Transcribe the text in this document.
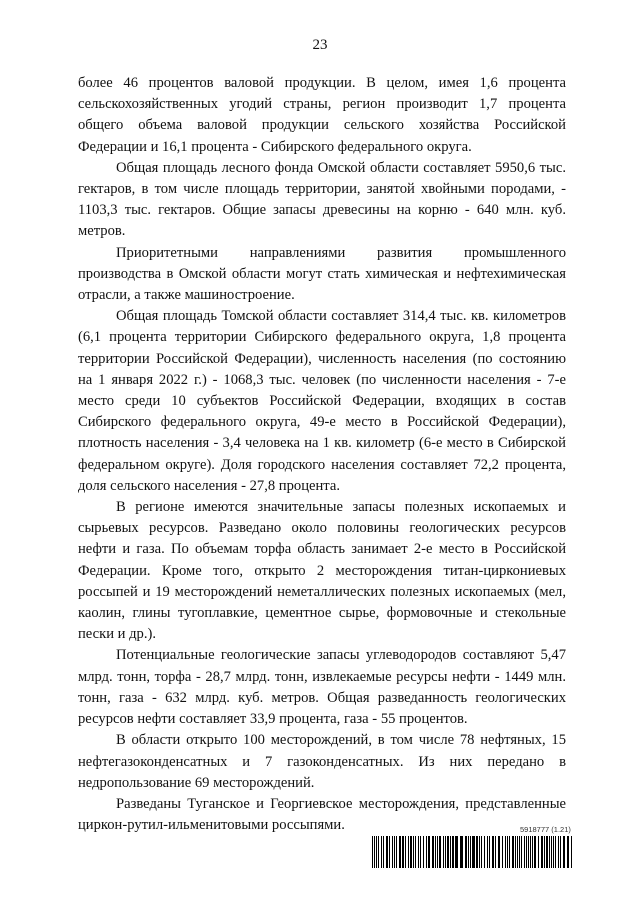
23

более 46 процентов валовой продукции. В целом, имея 1,6 процента сельскохозяйственных угодий страны, регион производит 1,7 процента общего объема валовой продукции сельского хозяйства Российской Федерации и 16,1 процента - Сибирского федерального округа.

Общая площадь лесного фонда Омской области составляет 5950,6 тыс. гектаров, в том числе площадь территории, занятой хвойными породами, - 1103,3 тыс. гектаров. Общие запасы древесины на корню - 640 млн. куб. метров.

Приоритетными направлениями развития промышленного производства в Омской области могут стать химическая и нефтехимическая отрасли, а также машиностроение.

Общая площадь Томской области составляет 314,4 тыс. кв. километров (6,1 процента территории Сибирского федерального округа, 1,8 процента территории Российской Федерации), численность населения (по состоянию на 1 января 2022 г.) - 1068,3 тыс. человек (по численности населения - 7-е место среди 10 субъектов Российской Федерации, входящих в состав Сибирского федерального округа, 49-е место в Российской Федерации), плотность населения - 3,4 человека на 1 кв. километр (6-е место в Сибирской федеральном округе). Доля городского населения составляет 72,2 процента, доля сельского населения - 27,8 процента.

В регионе имеются значительные запасы полезных ископаемых и сырьевых ресурсов. Разведано около половины геологических ресурсов нефти и газа. По объемам торфа область занимает 2-е место в Российской Федерации. Кроме того, открыто 2 месторождения титан-циркониевых россыпей и 19 месторождений неметаллических полезных ископаемых (мел, каолин, глины тугоплавкие, цементное сырье, формовочные и стекольные пески и др.).

Потенциальные геологические запасы углеводородов составляют 5,47 млрд. тонн, торфа - 28,7 млрд. тонн, извлекаемые ресурсы нефти - 1449 млн. тонн, газа - 632 млрд. куб. метров. Общая разведанность геологических ресурсов нефти составляет 33,9 процента, газа - 55 процентов.

В области открыто 100 месторождений, в том числе 78 нефтяных, 15 нефтегазоконденсатных и 7 газоконденсатных. Из них передано в недропользование 69 месторождений.

Разведаны Туганское и Георгиевское месторождения, представленные циркон-рутил-ильменитовыми россыпями.	5918777 (1.21)
